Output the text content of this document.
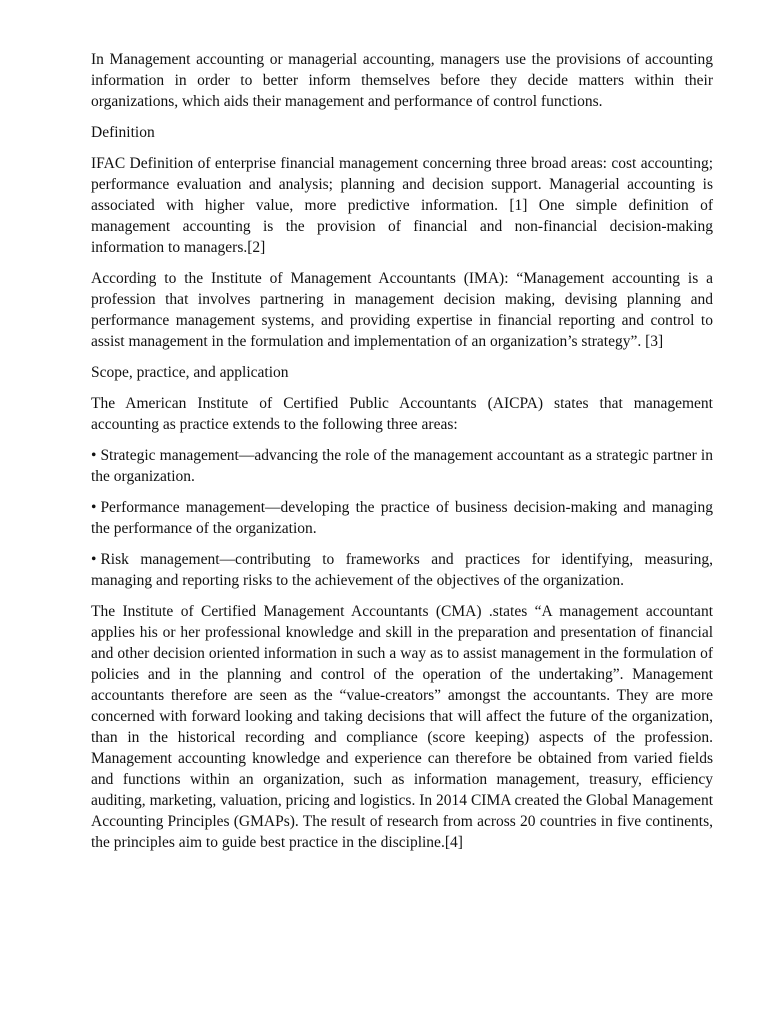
In Management accounting or managerial accounting, managers use the provisions of accounting information in order to better inform themselves before they decide matters within their organizations, which aids their management and performance of control functions.

Definition

IFAC Definition of enterprise financial management concerning three broad areas: cost accounting; performance evaluation and analysis; planning and decision support. Managerial accounting is associated with higher value, more predictive information. [1] One simple definition of management accounting is the provision of financial and non-financial decision-making information to managers.[2]

According to the Institute of Management Accountants (IMA): “Management accounting is a profession that involves partnering in management decision making, devising planning and performance management systems, and providing expertise in financial reporting and control to assist management in the formulation and implementation of an organization’s strategy”. [3]

Scope, practice, and application

The American Institute of Certified Public Accountants (AICPA) states that management accounting as practice extends to the following three areas:

• Strategic management—advancing the role of the management accountant as a strategic partner in the organization.

• Performance management—developing the practice of business decision-making and managing the performance of the organization.

• Risk management—contributing to frameworks and practices for identifying, measuring, managing and reporting risks to the achievement of the objectives of the organization.

The Institute of Certified Management Accountants (CMA) .states “A management accountant applies his or her professional knowledge and skill in the preparation and presentation of financial and other decision oriented information in such a way as to assist management in the formulation of policies and in the planning and control of the operation of the undertaking”. Management accountants therefore are seen as the “value-creators” amongst the accountants. They are more concerned with forward looking and taking decisions that will affect the future of the organization, than in the historical recording and compliance (score keeping) aspects of the profession. Management accounting knowledge and experience can therefore be obtained from varied fields and functions within an organization, such as information management, treasury, efficiency auditing, marketing, valuation, pricing and logistics. In 2014 CIMA created the Global Management Accounting Principles (GMAPs). The result of research from across 20 countries in five continents, the principles aim to guide best practice in the discipline.[4]
